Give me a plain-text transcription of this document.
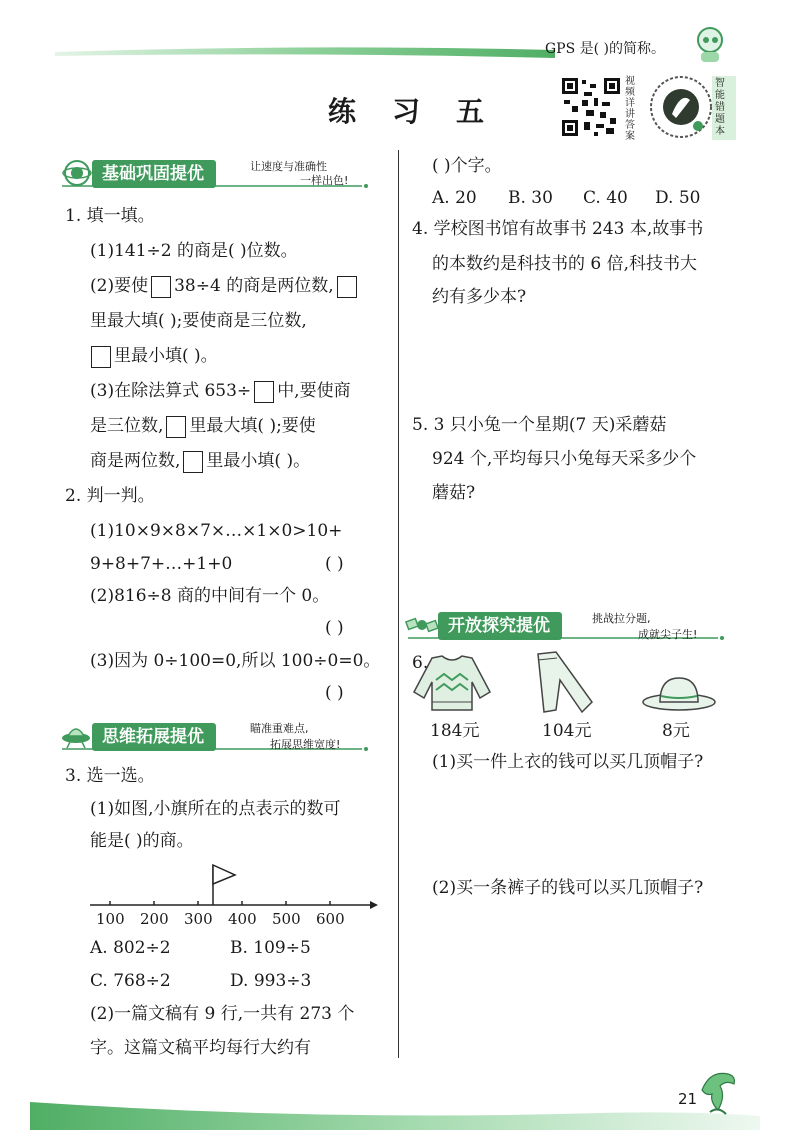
GPS 是( )的简称。
练　习　五
视频详讲答案
智能错题本
基础巩固提优	让速度与准确性
一样出色!
1. 填一填。
(1)141÷2 的商是( )位数。
(2)要使 38÷4 的商是两位数,
里最大填( );要使商是三位数,
里最小填( )。
(3)在除法算式 653÷ 中,要使商
是三位数, 里最大填( );要使
商是两位数, 里最小填( )。
2. 判一判。
(1)10×9×8×7×…×1×0>10+
9+8+7+…+1+0	( )
(2)816÷8 商的中间有一个 0。
( )
(3)因为 0÷100=0,所以 100÷0=0。
( )
思维拓展提优	瞄准重难点,
拓展思维宽度!
3. 选一选。
(1)如图,小旗所在的点表示的数可
能是( )的商。
100 200 300 400 500 600
A. 802÷2	B. 109÷5
C. 768÷2	D. 993÷3
(2)一篇文稿有 9 行,一共有 273 个
字。这篇文稿平均每行大约有
( )个字。
A. 20 B. 30 C. 40 D. 50
4. 学校图书馆有故事书 243 本,故事书
的本数约是科技书的 6 倍,科技书大
约有多少本?
5. 3 只小兔一个星期(7 天)采蘑菇
924 个,平均每只小兔每天采多少个
蘑菇?
开放探究提优	挑战拉分题,
成就尖子生!
6.
184元	104元	8元
(1)买一件上衣的钱可以买几顶帽子?
(2)买一条裤子的钱可以买几顶帽子?
21
